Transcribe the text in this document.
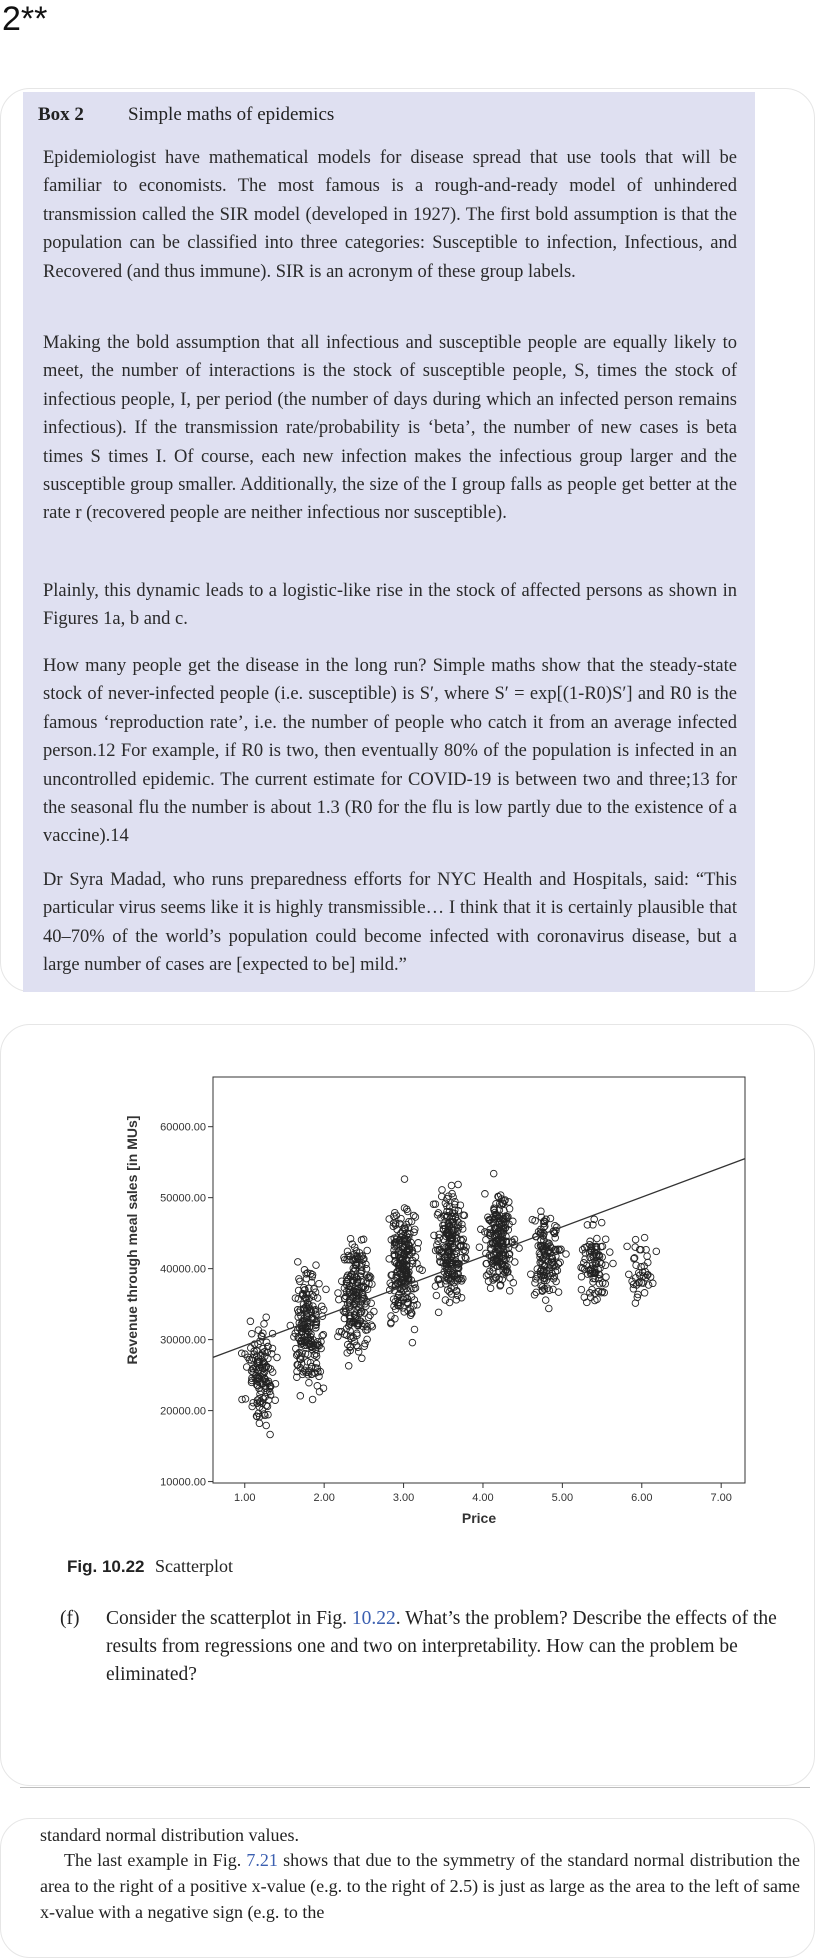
2**
Box 2 Simple maths of epidemics
Epidemiologist have mathematical models for disease spread that use tools that will be familiar to economists. The most famous is a rough-and-ready model of unhindered transmission called the SIR model (developed in 1927). The first bold assumption is that the population can be classified into three categories: Susceptible to infection, Infectious, and Recovered (and thus immune). SIR is an acronym of these group labels.
Making the bold assumption that all infectious and susceptible people are equally likely to meet, the number of interactions is the stock of susceptible people, S, times the stock of infectious people, I, per period (the number of days during which an infected person remains infectious). If the transmission rate/probability is ‘beta’, the number of new cases is beta times S times I. Of course, each new infection makes the infectious group larger and the susceptible group smaller. Additionally, the size of the I group falls as people get better at the rate r (recovered people are neither infectious nor susceptible).
Plainly, this dynamic leads to a logistic-like rise in the stock of affected persons as shown in Figures 1a, b and c.
How many people get the disease in the long run? Simple maths show that the steady-state stock of never-infected people (i.e. susceptible) is S′, where S′ = exp[(1-R0)S′] and R0 is the famous ‘reproduction rate’, i.e. the number of people who catch it from an average infected person.12 For example, if R0 is two, then eventually 80% of the population is infected in an uncontrolled epidemic. The current estimate for COVID-19 is between two and three;13 for the seasonal flu the number is about 1.3 (R0 for the flu is low partly due to the existence of a vaccine).14
Dr Syra Madad, who runs preparedness efforts for NYC Health and Hospitals, said: “This particular virus seems like it is highly transmissible… I think that it is certainly plausible that 40–70% of the world’s population could become infected with coronavirus disease, but a large number of cases are [expected to be] mild.”
60000.00
50000.00
40000.00
30000.00
20000.00
10000.00
1.00	2.00	3.00	4.00	5.00	6.00	7.00
Price
Revenue through meal sales [in MUs]
Fig. 10.22 Scatterplot
(f) Consider the scatterplot in Fig. 10.22. What’s the problem? Describe the effects of the results from regressions one and two on interpretability. How can the problem be eliminated?
standard normal distribution values.
The last example in Fig. 7.21 shows that due to the symmetry of the standard normal distribution the area to the right of a positive x-value (e.g. to the right of 2.5) is just as large as the area to the left of same x-value with a negative sign (e.g. to the
